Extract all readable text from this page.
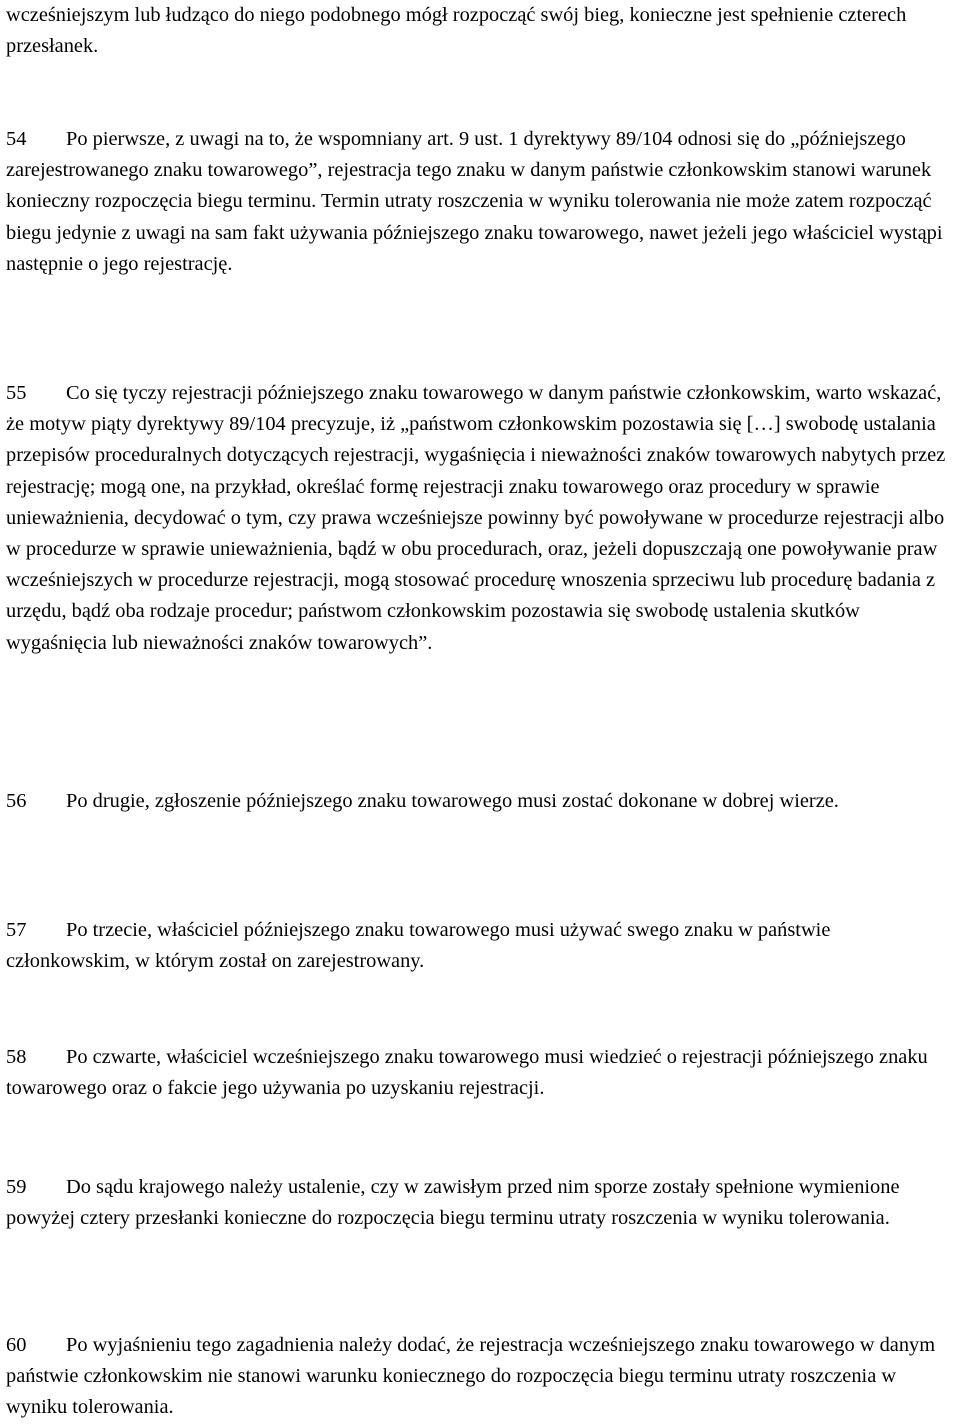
wcześniejszym lub łudząco do niego podobnego mógł rozpocząć swój bieg, konieczne jest spełnienie czterech przesłanek.

54 Po pierwsze, z uwagi na to, że wspomniany art. 9 ust. 1 dyrektywy 89/104 odnosi się do „późniejszego zarejestrowanego znaku towarowego”, rejestracja tego znaku w danym państwie członkowskim stanowi warunek konieczny rozpoczęcia biegu terminu. Termin utraty roszczenia w wyniku tolerowania nie może zatem rozpocząć biegu jedynie z uwagi na sam fakt używania późniejszego znaku towarowego, nawet jeżeli jego właściciel wystąpi następnie o jego rejestrację.

55 Co się tyczy rejestracji późniejszego znaku towarowego w danym państwie członkowskim, warto wskazać, że motyw piąty dyrektywy 89/104 precyzuje, iż „państwom członkowskim pozostawia się […] swobodę ustalania przepisów proceduralnych dotyczących rejestracji, wygaśnięcia i nieważności znaków towarowych nabytych przez rejestrację; mogą one, na przykład, określać formę rejestracji znaku towarowego oraz procedury w sprawie unieważnienia, decydować o tym, czy prawa wcześniejsze powinny być powoływane w procedurze rejestracji albo w procedurze w sprawie unieważnienia, bądź w obu procedurach, oraz, jeżeli dopuszczają one powoływanie praw wcześniejszych w procedurze rejestracji, mogą stosować procedurę wnoszenia sprzeciwu lub procedurę badania z urzędu, bądź oba rodzaje procedur; państwom członkowskim pozostawia się swobodę ustalenia skutków wygaśnięcia lub nieważności znaków towarowych”.

56 Po drugie, zgłoszenie późniejszego znaku towarowego musi zostać dokonane w dobrej wierze.

57 Po trzecie, właściciel późniejszego znaku towarowego musi używać swego znaku w państwie członkowskim, w którym został on zarejestrowany.

58 Po czwarte, właściciel wcześniejszego znaku towarowego musi wiedzieć o rejestracji późniejszego znaku towarowego oraz o fakcie jego używania po uzyskaniu rejestracji.

59 Do sądu krajowego należy ustalenie, czy w zawisłym przed nim sporze zostały spełnione wymienione powyżej cztery przesłanki konieczne do rozpoczęcia biegu terminu utraty roszczenia w wyniku tolerowania.

60 Po wyjaśnieniu tego zagadnienia należy dodać, że rejestracja wcześniejszego znaku towarowego w danym państwie członkowskim nie stanowi warunku koniecznego do rozpoczęcia biegu terminu utraty roszczenia w wyniku tolerowania.
